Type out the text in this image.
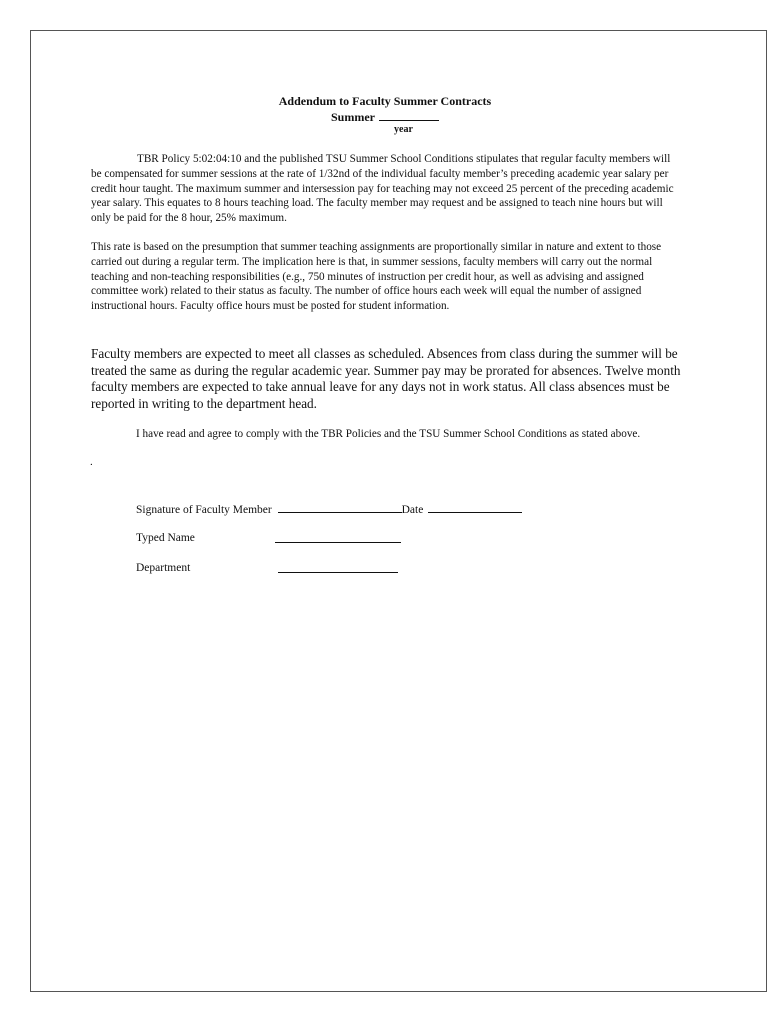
Addendum to Faculty Summer Contracts
Summer
year

TBR Policy 5:02:04:10 and the published TSU Summer School Conditions stipulates that regular faculty members will be compensated for summer sessions at the rate of 1/32nd of the individual faculty member’s preceding academic year salary per credit hour taught. The maximum summer and intersession pay for teaching may not exceed 25 percent of the preceding academic year salary. This equates to 8 hours teaching load. The faculty member may request and be assigned to teach nine hours but will only be paid for the 8 hour, 25% maximum.

This rate is based on the presumption that summer teaching assignments are proportionally similar in nature and extent to those carried out during a regular term. The implication here is that, in summer sessions, faculty members will carry out the normal teaching and non-teaching responsibilities (e.g., 750 minutes of instruction per credit hour, as well as advising and assigned committee work) related to their status as faculty. The number of office hours each week will equal the number of assigned instructional hours. Faculty office hours must be posted for student information.

Faculty members are expected to meet all classes as scheduled. Absences from class during the summer will be treated the same as during the regular academic year. Summer pay may be prorated for absences. Twelve month faculty members are expected to take annual leave for any days not in work status. All class absences must be reported in writing to the department head.

I have read and agree to comply with the TBR Policies and the TSU Summer School Conditions as stated above.

.
Signature of Faculty Member	Date
Typed Name
Department
